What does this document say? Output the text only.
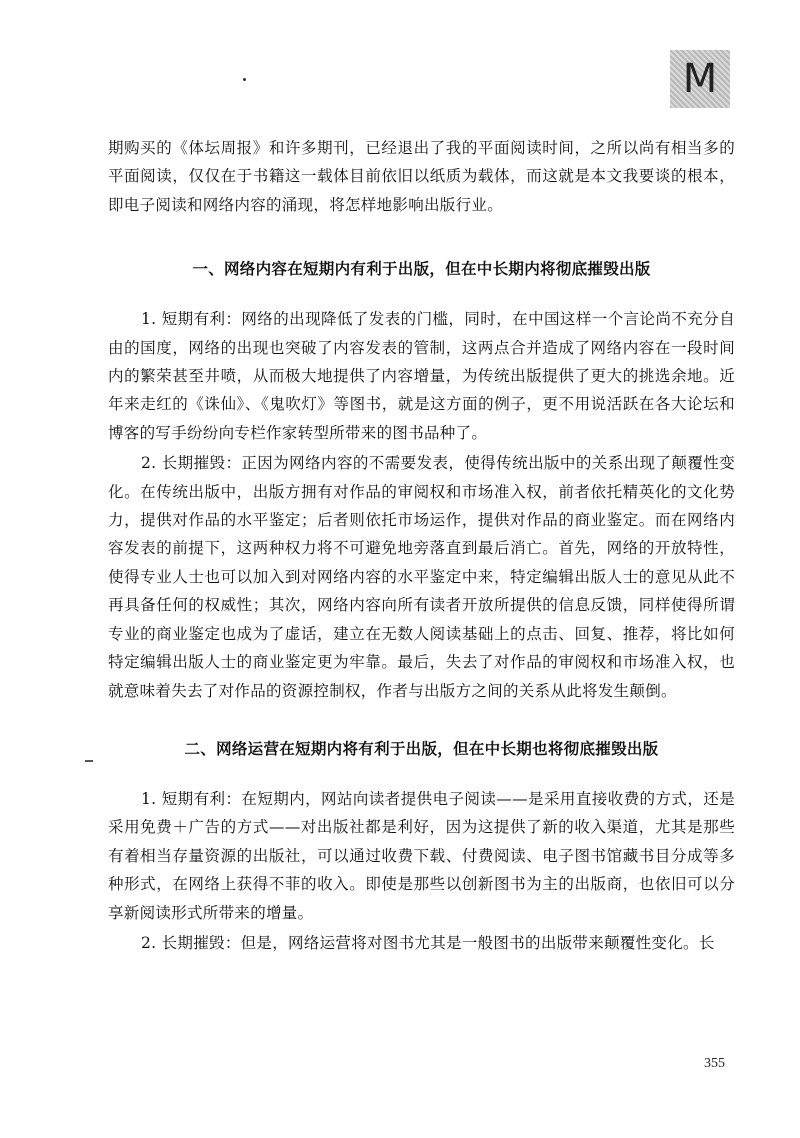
M

期购买的《体坛周报》和许多期刊，已经退出了我的平面阅读时间，之所以尚有相当多的平面阅读，仅仅在于书籍这一载体目前依旧以纸质为载体，而这就是本文我要谈的根本，即电子阅读和网络内容的涌现，将怎样地影响出版行业。

一、网络内容在短期内有利于出版，但在中长期内将彻底摧毁出版

1. 短期有利：网络的出现降低了发表的门槛，同时，在中国这样一个言论尚不充分自由的国度，网络的出现也突破了内容发表的管制，这两点合并造成了网络内容在一段时间内的繁荣甚至井喷，从而极大地提供了内容增量，为传统出版提供了更大的挑选余地。近年来走红的《诛仙》、《鬼吹灯》等图书，就是这方面的例子，更不用说活跃在各大论坛和博客的写手纷纷向专栏作家转型所带来的图书品种了。

2. 长期摧毁：正因为网络内容的不需要发表，使得传统出版中的关系出现了颠覆性变化。在传统出版中，出版方拥有对作品的审阅权和市场准入权，前者依托精英化的文化势力，提供对作品的水平鉴定；后者则依托市场运作，提供对作品的商业鉴定。而在网络内容发表的前提下，这两种权力将不可避免地旁落直到最后消亡。首先，网络的开放特性，使得专业人士也可以加入到对网络内容的水平鉴定中来，特定编辑出版人士的意见从此不再具备任何的权威性；其次，网络内容向所有读者开放所提供的信息反馈，同样使得所谓专业的商业鉴定也成为了虚话，建立在无数人阅读基础上的点击、回复、推荐，将比如何特定编辑出版人士的商业鉴定更为牢靠。最后，失去了对作品的审阅权和市场准入权，也就意味着失去了对作品的资源控制权，作者与出版方之间的关系从此将发生颠倒。

二、网络运营在短期内将有利于出版，但在中长期也将彻底摧毁出版

1. 短期有利：在短期内，网站向读者提供电子阅读——是采用直接收费的方式，还是采用免费＋广告的方式——对出版社都是利好，因为这提供了新的收入渠道，尤其是那些有着相当存量资源的出版社，可以通过收费下载、付费阅读、电子图书馆藏书目分成等多种形式，在网络上获得不菲的收入。即使是那些以创新图书为主的出版商，也依旧可以分享新阅读形式所带来的增量。

2. 长期摧毁：但是，网络运营将对图书尤其是一般图书的出版带来颠覆性变化。长

355
